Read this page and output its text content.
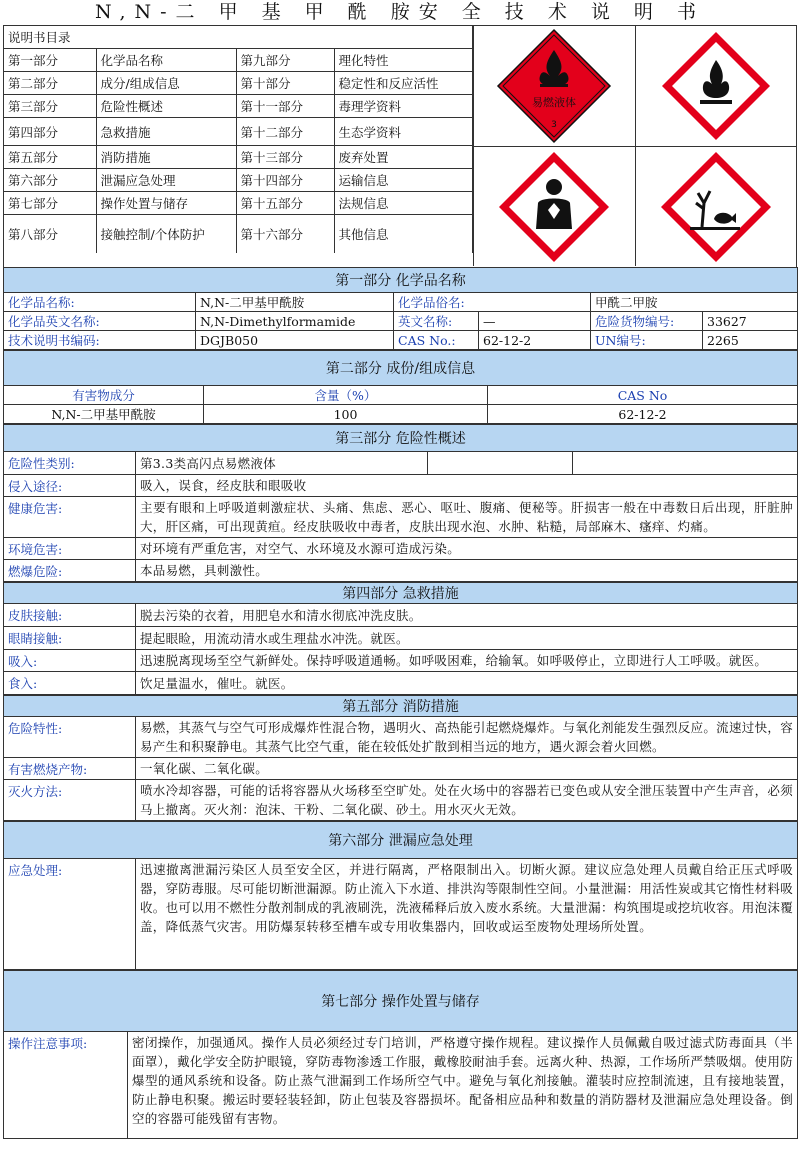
N,N-二 甲 基 甲 酰 胺安 全 技 术 说 明 书
说明书目录			
第一部分	化学品名称	第九部分	理化特性
第二部分	成分/组成信息	第十部分	稳定性和反应活性
第三部分	危险性概述	第十一部分	毒理学资料
第四部分	急救措施	第十二部分	生态学资料
第五部分	消防措施	第十三部分	废弃处置
第六部分	泄漏应急处理	第十四部分	运输信息
第七部分	操作处置与储存	第十五部分	法规信息
第八部分	接触控制/个体防护	第十六部分	其他信息
易燃液体
3
第一部分 化学品名称					
化学品名称:	N,N-二甲基甲酰胺	化学品俗名:		甲酰二甲胺	
化学品英文名称:	N,N-Dimethylformamide	英文名称:	—	危险货物编号:	33627
技术说明书编码:	DGJB050	CAS No.:	62-12-2	UN编号:	2265
第二部分 成份/组成信息		
有害物成分	含量（%）	CAS No
N,N-二甲基甲酰胺	100	62-12-2
第三部分 危险性概述			
危险性类别:	第3.3类高闪点易燃液体		
侵入途径:	吸入，误食，经皮肤和眼吸收		
健康危害:	主要有眼和上呼吸道刺激症状、头痛、焦虑、恶心、呕吐、腹痛、便秘等。肝损害一般在中毒数日后出现，肝脏肿大，肝区痛，可出现黄疸。经皮肤吸收中毒者，皮肤出现水泡、水肿、粘糙，局部麻木、瘙痒、灼痛。		
环境危害:	对环境有严重危害，对空气、水环境及水源可造成污染。		
燃爆危险:	本品易燃，具刺激性。		
第四部分 急救措施	
皮肤接触:	脱去污染的衣着，用肥皂水和清水彻底冲洗皮肤。
眼睛接触:	提起眼睑，用流动清水或生理盐水冲洗。就医。
吸入:	迅速脱离现场至空气新鲜处。保持呼吸道通畅。如呼吸困难，给输氧。如呼吸停止，立即进行人工呼吸。就医。
食入:	饮足量温水，催吐。就医。
第五部分 消防措施	
危险特性:	易燃，其蒸气与空气可形成爆炸性混合物，遇明火、高热能引起燃烧爆炸。与氧化剂能发生强烈反应。流速过快，容易产生和积聚静电。其蒸气比空气重，能在较低处扩散到相当远的地方，遇火源会着火回燃。
有害燃烧产物:	一氧化碳、二氧化碳。
灭火方法:	喷水冷却容器，可能的话将容器从火场移至空旷处。处在火场中的容器若已变色或从安全泄压装置中产生声音，必须马上撤离。灭火剂：泡沫、干粉、二氧化碳、砂土。用水灭火无效。
第六部分 泄漏应急处理
应急处理:	迅速撤离泄漏污染区人员至安全区，并进行隔离，严格限制出入。切断火源。建议应急处理人员戴自给正压式呼吸器，穿防毒服。尽可能切断泄漏源。防止流入下水道、排洪沟等限制性空间。小量泄漏：用活性炭或其它惰性材料吸收。也可以用不燃性分散剂制成的乳液刷洗，洗液稀释后放入废水系统。大量泄漏：构筑围堤或挖坑收容。用泡沫覆盖，降低蒸气灾害。用防爆泵转移至槽车或专用收集器内，回收或运至废物处理场所处置。
第七部分 操作处置与储存
操作注意事项:	密闭操作，加强通风。操作人员必须经过专门培训，严格遵守操作规程。建议操作人员佩戴自吸过滤式防毒面具（半面罩），戴化学安全防护眼镜，穿防毒物渗透工作服，戴橡胶耐油手套。远离火种、热源，工作场所严禁吸烟。使用防爆型的通风系统和设备。防止蒸气泄漏到工作场所空气中。避免与氧化剂接触。灌装时应控制流速，且有接地装置，防止静电积聚。搬运时要轻装轻卸，防止包装及容器损坏。配备相应品种和数量的消防器材及泄漏应急处理设备。倒空的容器可能残留有害物。
